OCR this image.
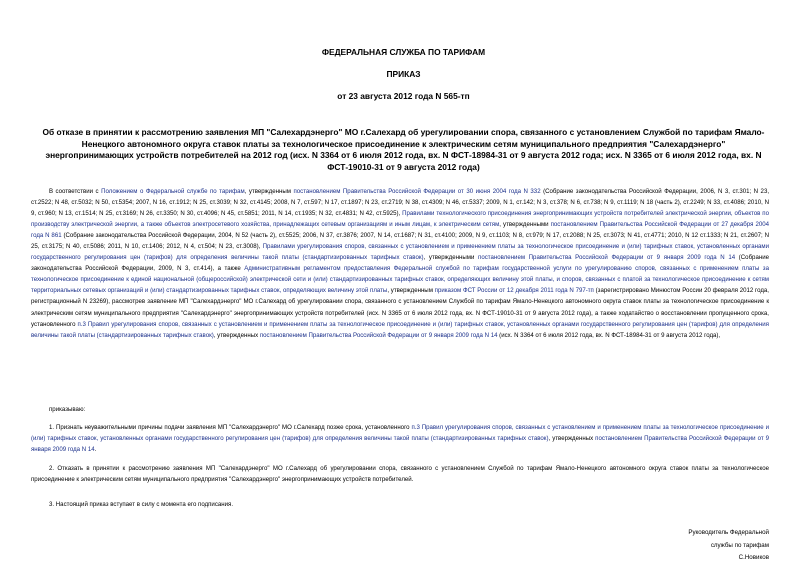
ФЕДЕРАЛЬНАЯ СЛУЖБА ПО ТАРИФАМ
ПРИКАЗ
от 23 августа 2012 года N 565-тп
Об отказе в принятии к рассмотрению заявления МП "Салехардэнерго" МО г.Салехард об урегулировании спора, связанного с установлением Службой по тарифам Ямало-Ненецкого автономного округа ставок платы за технологическое присоединение к электрическим сетям муниципального предприятия "Салехардэнерго" энергопринимающих устройств потребителей на 2012 год (исх. N 3364 от 6 июля 2012 года, вх. N ФСТ-18984-31 от 9 августа 2012 года; исх. N 3365 от 6 июля 2012 года, вх. N ФСТ-19010-31 от 9 августа 2012 года)

В соответствии с Положением о Федеральной службе по тарифам, утвержденным постановлением Правительства Российской Федерации от 30 июня 2004 года N 332 (Собрание законодательства Российской Федерации, 2006, N 3, ст.301; N 23, ст.2522; N 48, ст.5032; N 50, ст.5354; 2007, N 16, ст.1912; N 25, ст.3039; N 32, ст.4145; 2008, N 7, ст.597; N 17, ст.1897; N 23, ст.2719; N 38, ст.4309; N 46, ст.5337; 2009, N 1, ст.142; N 3, ст.378; N 6, ст.738; N 9, ст.1119; N 18 (часть 2), ст.2249; N 33, ст.4086; 2010, N 9, ст.960; N 13, ст.1514; N 25, ст.3169; N 26, ст.3350; N 30, ст.4096; N 45, ст.5851; 2011, N 14, ст.1935; N 32, ст.4831; N 42, ст.5925), Правилами технологического присоединения энергопринимающих устройств потребителей электрической энергии, объектов по производству электрической энергии, а также объектов электросетевого хозяйства, принадлежащих сетевым организациям и иным лицам, к электрическим сетям, утвержденными постановлением Правительства Российской Федерации от 27 декабря 2004 года N 861 (Собрание законодательства Российской Федерации, 2004, N 52 (часть 2), ст.5525; 2006, N 37, ст.3876; 2007, N 14, ст.1687; N 31, ст.4100; 2009, N 9, ст.1103; N 8, ст.979; N 17, ст.2088; N 25, ст.3073; N 41, ст.4771; 2010, N 12 ст.1333; N 21, ст.2607; N 25, ст.3175; N 40, ст.5086; 2011, N 10, ст.1406; 2012, N 4, ст.504; N 23, ст.3008), Правилами урегулирования споров, связанных с установлением и применением платы за технологическое присоединение и (или) тарифных ставок, установленных органами государственного регулирования цен (тарифов) для определения величины такой платы (стандартизированных тарифных ставок), утвержденными постановлением Правительства Российской Федерации от 9 января 2009 года N 14 (Собрание законодательства Российской Федерации, 2009, N 3, ст.414), а также Административным регламентом предоставления Федеральной службой по тарифам государственной услуги по урегулированию споров, связанных с применением платы за технологическое присоединение к единой национальной (общероссийской) электрической сети и (или) стандартизированных тарифных ставок, определяющих величину этой платы, и споров, связанных с платой за технологическое присоединение к сетям территориальных сетевых организаций и (или) стандартизированных тарифных ставок, определяющих величину этой платы, утвержденным приказом ФСТ России от 12 декабря 2011 года N 797-тп (зарегистрировано Минюстом России 20 февраля 2012 года, регистрационный N 23269), рассмотрев заявление МП "Салехардэнерго" МО г.Салехард об урегулировании спора, связанного с установлением Службой по тарифам Ямало-Ненецкого автономного округа ставок платы за технологическое присоединение к электрическим сетям муниципального предприятия "Салехардэнерго" энергопринимающих устройств потребителей (исх. N 3365 от 6 июля 2012 года, вх. N ФСТ-19010-31 от 9 августа 2012 года), а также ходатайство о восстановлении пропущенного срока, установленного п.3 Правил урегулирования споров, связанных с установлением и применением платы за технологическое присоединение и (или) тарифных ставок, установленных органами государственного регулирования цен (тарифов) для определения величины такой платы (стандартизированных тарифных ставок), утвержденных постановлением Правительства Российской Федерации от 9 января 2009 года N 14 (исх. N 3364 от 6 июля 2012 года, вх. N ФСТ-18984-31 от 9 августа 2012 года),

приказываю:
1. Признать неуважительными причины подачи заявления МП "Салехардэнерго" МО г.Салехард позже срока, установленного п.3 Правил урегулирования споров, связанных с установлением и применением платы за технологическое присоединение и (или) тарифных ставок, установленных органами государственного регулирования цен (тарифов) для определения величины такой платы (стандартизированных тарифных ставок), утвержденных постановлением Правительства Российской Федерации от 9 января 2009 года N 14.
2. Отказать в принятии к рассмотрению заявления МП "Салехардэнерго" МО г.Салехард об урегулировании спора, связанного с установлением Службой по тарифам Ямало-Ненецкого автономного округа ставок платы за технологическое присоединение к электрическим сетям муниципального предприятия "Салехардэнерго" энергопринимающих устройств потребителей.
3. Настоящий приказ вступает в силу с момента его подписания.
Руководитель Федеральной
службы по тарифам
С.Новиков
